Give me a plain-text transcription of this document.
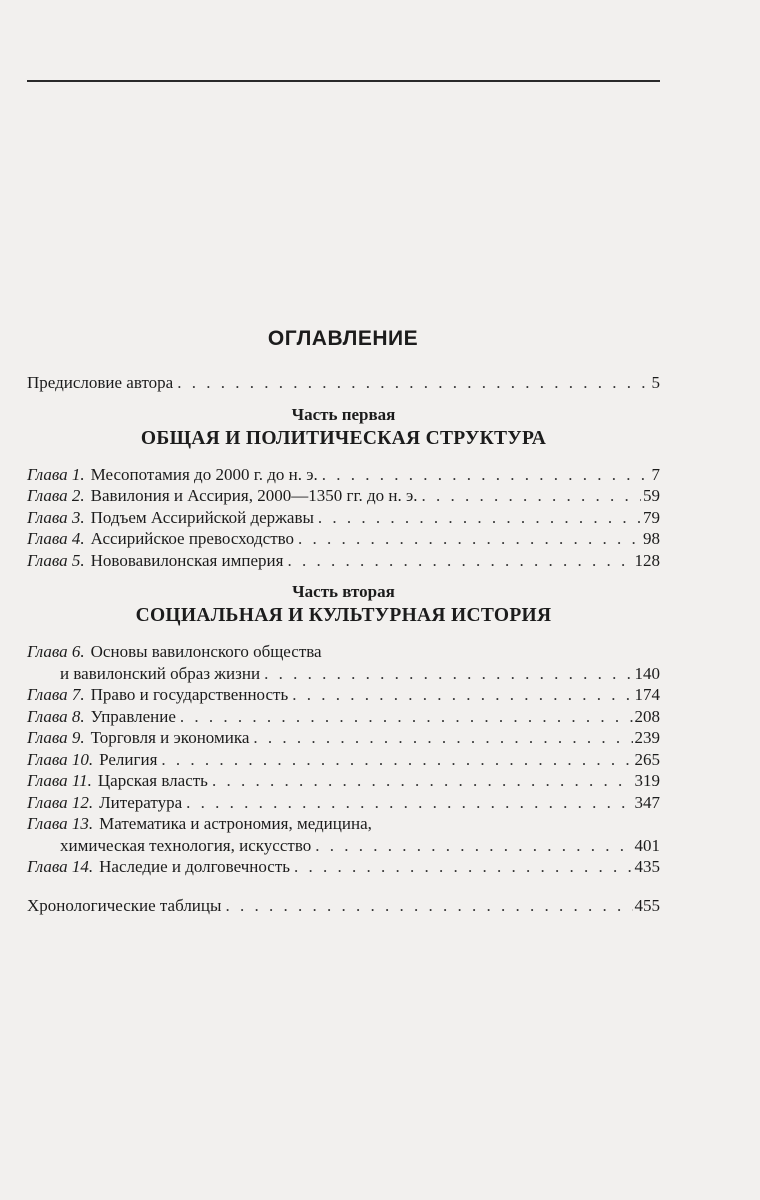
ОГЛАВЛЕНИЕ
Предисловие автора . . .	5
Часть первая
ОБЩАЯ И ПОЛИТИЧЕСКАЯ СТРУКТУРА
Глава 1. Месопотамия до 2000 г. до н. э. . . .	7
Глава 2. Вавилония и Ассирия, 2000—1350 гг. до н. э. . . .	59
Глава 3. Подъем Ассирийской державы . . .	79
Глава 4. Ассирийское превосходство . . .	98
Глава 5. Нововавилонская империя . . .	128
Часть вторая
СОЦИАЛЬНАЯ И КУЛЬТУРНАЯ ИСТОРИЯ
Глава 6. Основы вавилонского общества
и вавилонский образ жизни . . .	140
Глава 7. Право и государственность . . .	174
Глава 8. Управление . . .	208
Глава 9. Торговля и экономика . . .	239
Глава 10. Религия . . .	265
Глава 11. Царская власть . . .	319
Глава 12. Литература . . .	347
Глава 13. Математика и астрономия, медицина,
химическая технология, искусство . . .	401
Глава 14. Наследие и долговечность . . .	435
Хронологические таблицы . . .	455
